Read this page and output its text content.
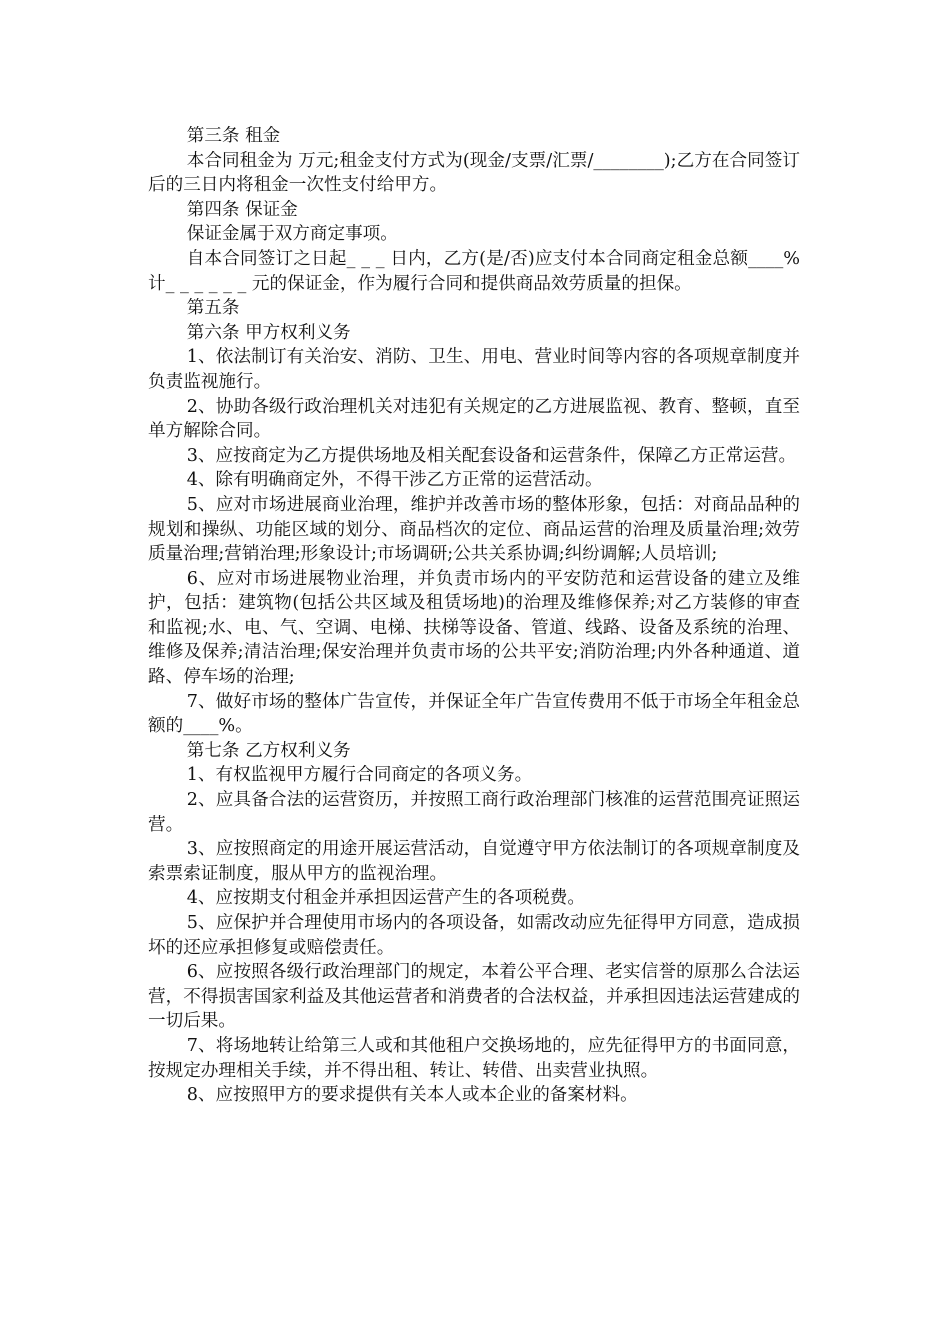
第三条 租金

本合同租金为 万元;租金支付方式为(现金/支票/汇票/________);乙方在合同签订后的三日内将租金一次性支付给甲方。

第四条 保证金

保证金属于双方商定事项。

自本合同签订之日起_ _ _ 日内，乙方(是/否)应支付本合同商定租金总额____%计_ _ _ _ _ _ 元的保证金，作为履行合同和提供商品效劳质量的担保。

第五条

第六条 甲方权利义务

1、依法制订有关治安、消防、卫生、用电、营业时间等内容的各项规章制度并负责监视施行。

2、协助各级行政治理机关对违犯有关规定的乙方进展监视、教育、整顿，直至单方解除合同。

3、应按商定为乙方提供场地及相关配套设备和运营条件，保障乙方正常运营。

4、除有明确商定外，不得干涉乙方正常的运营活动。

5、应对市场进展商业治理，维护并改善市场的整体形象，包括：对商品品种的规划和操纵、功能区域的划分、商品档次的定位、商品运营的治理及质量治理;效劳质量治理;营销治理;形象设计;市场调研;公共关系协调;纠纷调解;人员培训;

6、应对市场进展物业治理，并负责市场内的平安防范和运营设备的建立及维护，包括：建筑物(包括公共区域及租赁场地)的治理及维修保养;对乙方装修的审查和监视;水、电、气、空调、电梯、扶梯等设备、管道、线路、设备及系统的治理、维修及保养;清洁治理;保安治理并负责市场的公共平安;消防治理;内外各种通道、道路、停车场的治理;

7、做好市场的整体广告宣传，并保证全年广告宣传费用不低于市场全年租金总额的____%。

第七条 乙方权利义务

1、有权监视甲方履行合同商定的各项义务。

2、应具备合法的运营资历，并按照工商行政治理部门核准的运营范围亮证照运营。

3、应按照商定的用途开展运营活动，自觉遵守甲方依法制订的各项规章制度及索票索证制度，服从甲方的监视治理。

4、应按期支付租金并承担因运营产生的各项税费。

5、应保护并合理使用市场内的各项设备，如需改动应先征得甲方同意，造成损坏的还应承担修复或赔偿责任。

6、应按照各级行政治理部门的规定，本着公平合理、老实信誉的原那么合法运营，不得损害国家利益及其他运营者和消费者的合法权益，并承担因违法运营建成的一切后果。

7、将场地转让给第三人或和其他租户交换场地的，应先征得甲方的书面同意，按规定办理相关手续，并不得出租、转让、转借、出卖营业执照。

8、应按照甲方的要求提供有关本人或本企业的备案材料。
